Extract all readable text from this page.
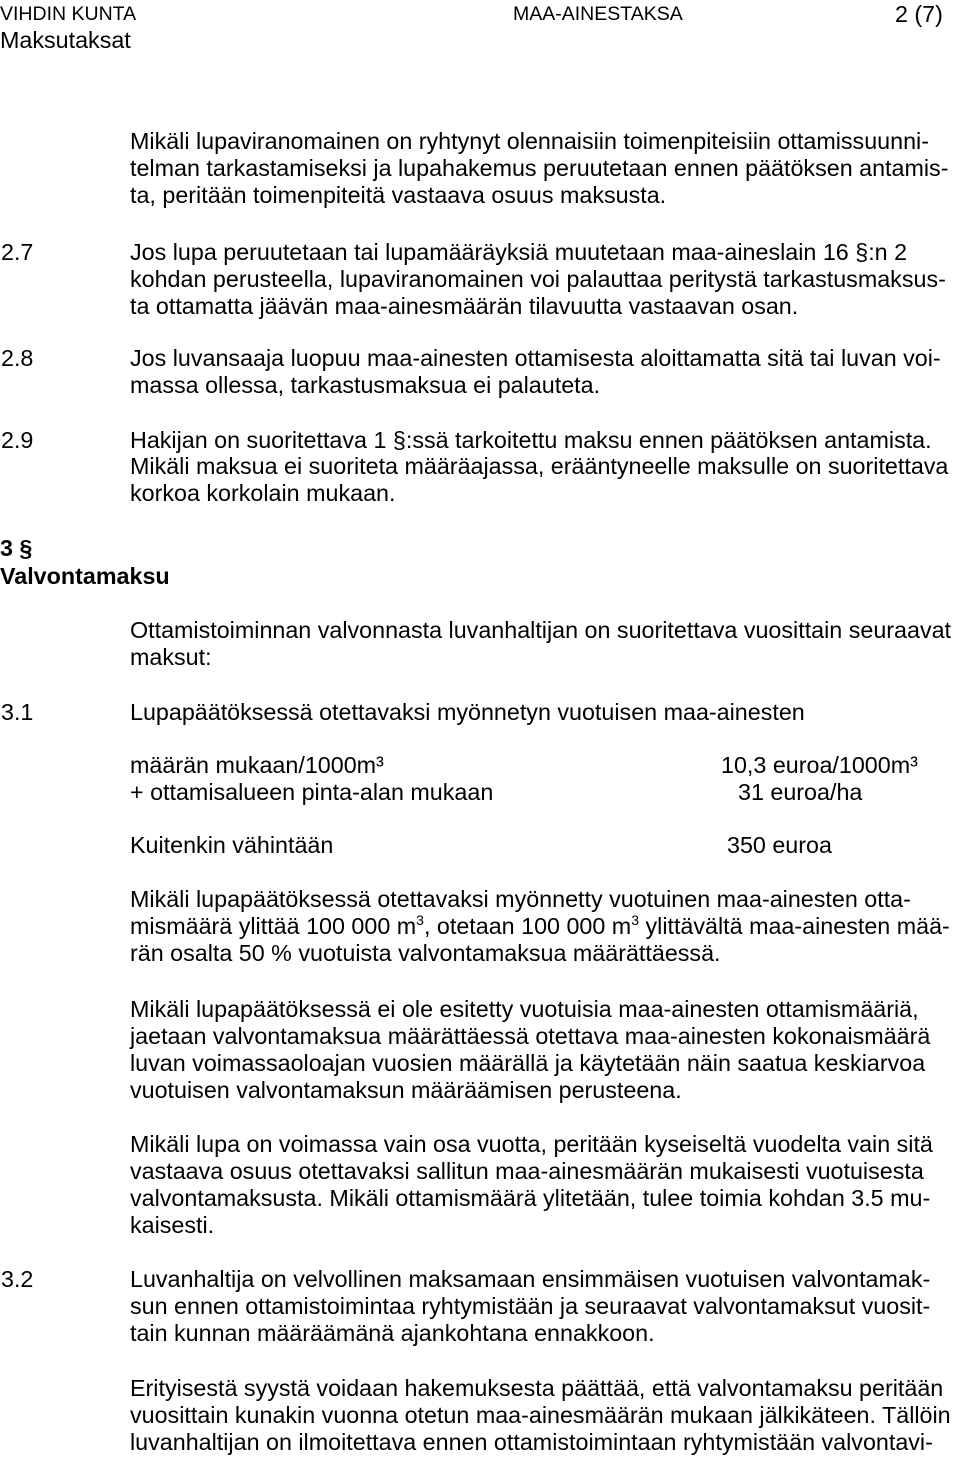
VIHDIN KUNTA	MAA-AINESTAKSA	2 (7)
Maksutaksat
Mikäli lupaviranomainen on ryhtynyt olennaisiin toimenpiteisiin ottamissuunni-
telman tarkastamiseksi ja lupahakemus peruutetaan ennen päätöksen antamis-
ta, peritään toimenpiteitä vastaava osuus maksusta.
2.7	Jos lupa peruutetaan tai lupamääräyksiä muutetaan maa-aineslain 16 §:n 2
kohdan perusteella, lupaviranomainen voi palauttaa peritystä tarkastusmaksus-
ta ottamatta jäävän maa-ainesmäärän tilavuutta vastaavan osan.
2.8	Jos luvansaaja luopuu maa-ainesten ottamisesta aloittamatta sitä tai luvan voi-
massa ollessa, tarkastusmaksua ei palauteta.
2.9	Hakijan on suoritettava 1 §:ssä tarkoitettu maksu ennen päätöksen antamista.
Mikäli maksua ei suoriteta määräajassa, erääntyneelle maksulle on suoritettava
korkoa korkolain mukaan.
3 §
Valvontamaksu
Ottamistoiminnan valvonnasta luvanhaltijan on suoritettava vuosittain seuraavat
maksut:
3.1	Lupapäätöksessä otettavaksi myönnetyn vuotuisen maa-ainesten
määrän mukaan/1000m³	10,3 euroa/1000m³
+ ottamisalueen pinta-alan mukaan	31 euroa/ha
Kuitenkin vähintään	350 euroa
Mikäli lupapäätöksessä otettavaksi myönnetty vuotuinen maa-ainesten otta-
mismäärä ylittää 100 000 $m^3$, otetaan 100 000 $m^3$ ylittävältä maa-ainesten mää-
rän osalta 50 % vuotuista valvontamaksua määrättäessä.
Mikäli lupapäätöksessä ei ole esitetty vuotuisia maa-ainesten ottamismääriä,
jaetaan valvontamaksua määrättäessä otettava maa-ainesten kokonaismäärä
luvan voimassaoloajan vuosien määrällä ja käytetään näin saatua keskiarvoa
vuotuisen valvontamaksun määräämisen perusteena.
Mikäli lupa on voimassa vain osa vuotta, peritään kyseiseltä vuodelta vain sitä
vastaava osuus otettavaksi sallitun maa-ainesmäärän mukaisesti vuotuisesta
valvontamaksusta. Mikäli ottamismäärä ylitetään, tulee toimia kohdan 3.5 mu-
kaisesti.
3.2	Luvanhaltija on velvollinen maksamaan ensimmäisen vuotuisen valvontamak-
sun ennen ottamistoimintaa ryhtymistään ja seuraavat valvontamaksut vuosit-
tain kunnan määräämänä ajankohtana ennakkoon.
Erityisestä syystä voidaan hakemuksesta päättää, että valvontamaksu peritään
vuosittain kunakin vuonna otetun maa-ainesmäärän mukaan jälkikäteen. Tällöin
luvanhaltijan on ilmoitettava ennen ottamistoimintaan ryhtymistään valvontavi-
